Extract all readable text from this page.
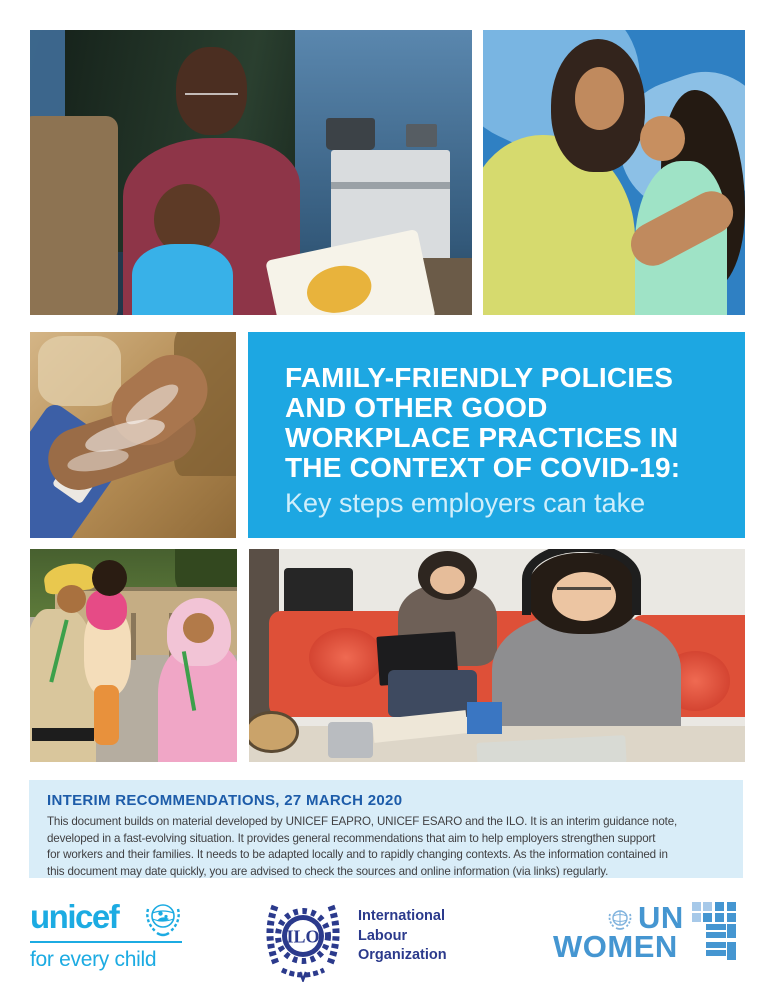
FAMILY-FRIENDLY POLICIES
AND OTHER GOOD
WORKPLACE PRACTICES IN
THE CONTEXT OF COVID-19:
Key steps employers can take
INTERIM RECOMMENDATIONS, 27 MARCH 2020
This document builds on material developed by UNICEF EAPRO, UNICEF ESARO and the ILO. It is an interim guidance note,
developed in a fast-evolving situation. It provides general recommendations that aim to help employers strengthen support
for workers and their families. It needs to be adapted locally and to rapidly changing contexts. As the information contained in
this document may date quickly, you are advised to check the sources and online information (via links) regularly.
unicef
for every child
ILO
International
Labour
Organization
UN
WOMEN
